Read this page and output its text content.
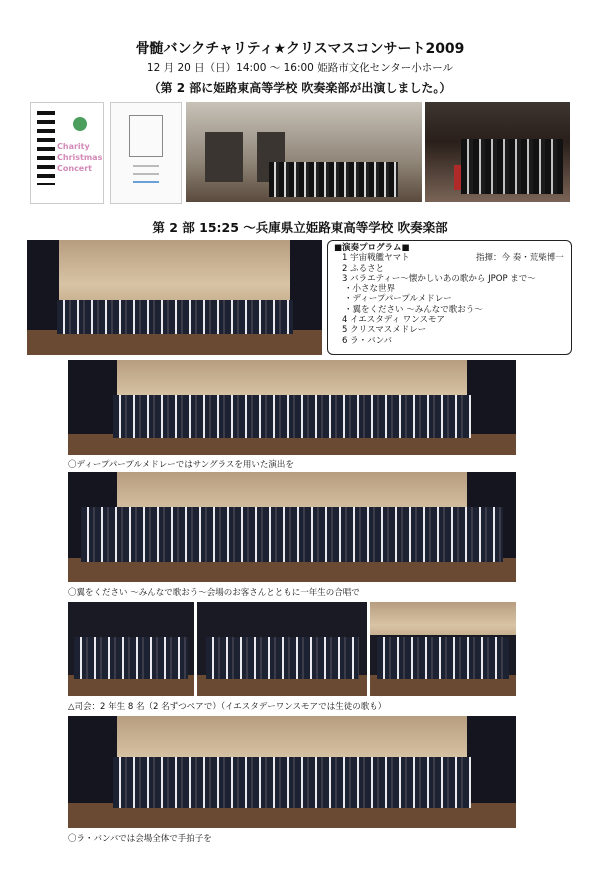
骨髄バンクチャリティ★クリスマスコンサート2009
12 月 20 日（日）14:00 ～ 16:00 姫路市文化センター小ホール
（第 2 部に姫路東高等学校 吹奏楽部が出演しました。）
Charity
Christmas
Concert
第 2 部 15:25 ～兵庫県立姫路東高等学校 吹奏楽部
■演奏プログラム■
1 宇宙戦艦ヤマト	指揮：今 奏・荒柴博一
2 ふるさと
3 バラエティー～懐かしいあの歌から JPOP まで～
・小さな世界
・ディープパープルメドレー
・翼をください ～みんなで歌おう～
4 イエスタディ ワンスモア
5 クリスマスメドレー
6 ラ・バンバ
〇ディープパープルメドレーではサングラスを用いた演出を
〇翼をください ～みんなで歌おう～会場のお客さんとともに一年生の合唱で
△司会：2 年生 8 名（2 名ずつペアで）（イエスタデーワンスモアでは生徒の歌も）
〇ラ・バンバでは会場全体で手拍子を
